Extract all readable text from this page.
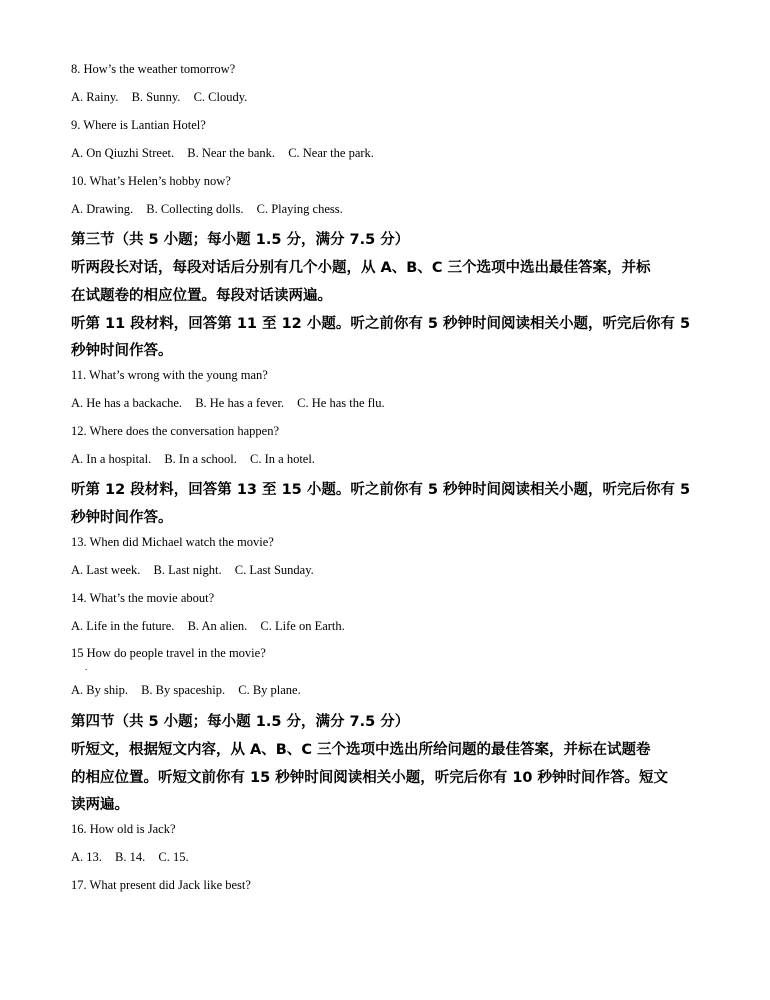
8. How’s the weather tomorrow?
A. Rainy. B. Sunny. C. Cloudy.
9. Where is Lantian Hotel?
A. On Qiuzhi Street. B. Near the bank. C. Near the park.
10. What’s Helen’s hobby now?
A. Drawing. B. Collecting dolls. C. Playing chess.
第三节（共 5 小题；每小题 1.5 分，满分 7.5 分）
听两段长对话，每段对话后分别有几个小题，从 A、B、C 三个选项中选出最佳答案，并标
在试题卷的相应位置。每段对话读两遍。
听第 11 段材料，回答第 11 至 12 小题。听之前你有 5 秒钟时间阅读相关小题，听完后你有 5
秒钟时间作答。
11. What’s wrong with the young man?
A. He has a backache. B. He has a fever. C. He has the flu.
12. Where does the conversation happen?
A. In a hospital. B. In a school. C. In a hotel.
听第 12 段材料，回答第 13 至 15 小题。听之前你有 5 秒钟时间阅读相关小题，听完后你有 5
秒钟时间作答。
13. When did Michael watch the movie?
A. Last week. B. Last night. C. Last Sunday.
14. What’s the movie about?
A. Life in the future. B. An alien. C. Life on Earth.
15 How do people travel in the movie?
.
A. By ship. B. By spaceship. C. By plane.
第四节（共 5 小题；每小题 1.5 分，满分 7.5 分）
听短文，根据短文内容，从 A、B、C 三个选项中选出所给问题的最佳答案，并标在试题卷
的相应位置。听短文前你有 15 秒钟时间阅读相关小题，听完后你有 10 秒钟时间作答。短文
读两遍。
16. How old is Jack?
A. 13. B. 14. C. 15.
17. What present did Jack like best?
